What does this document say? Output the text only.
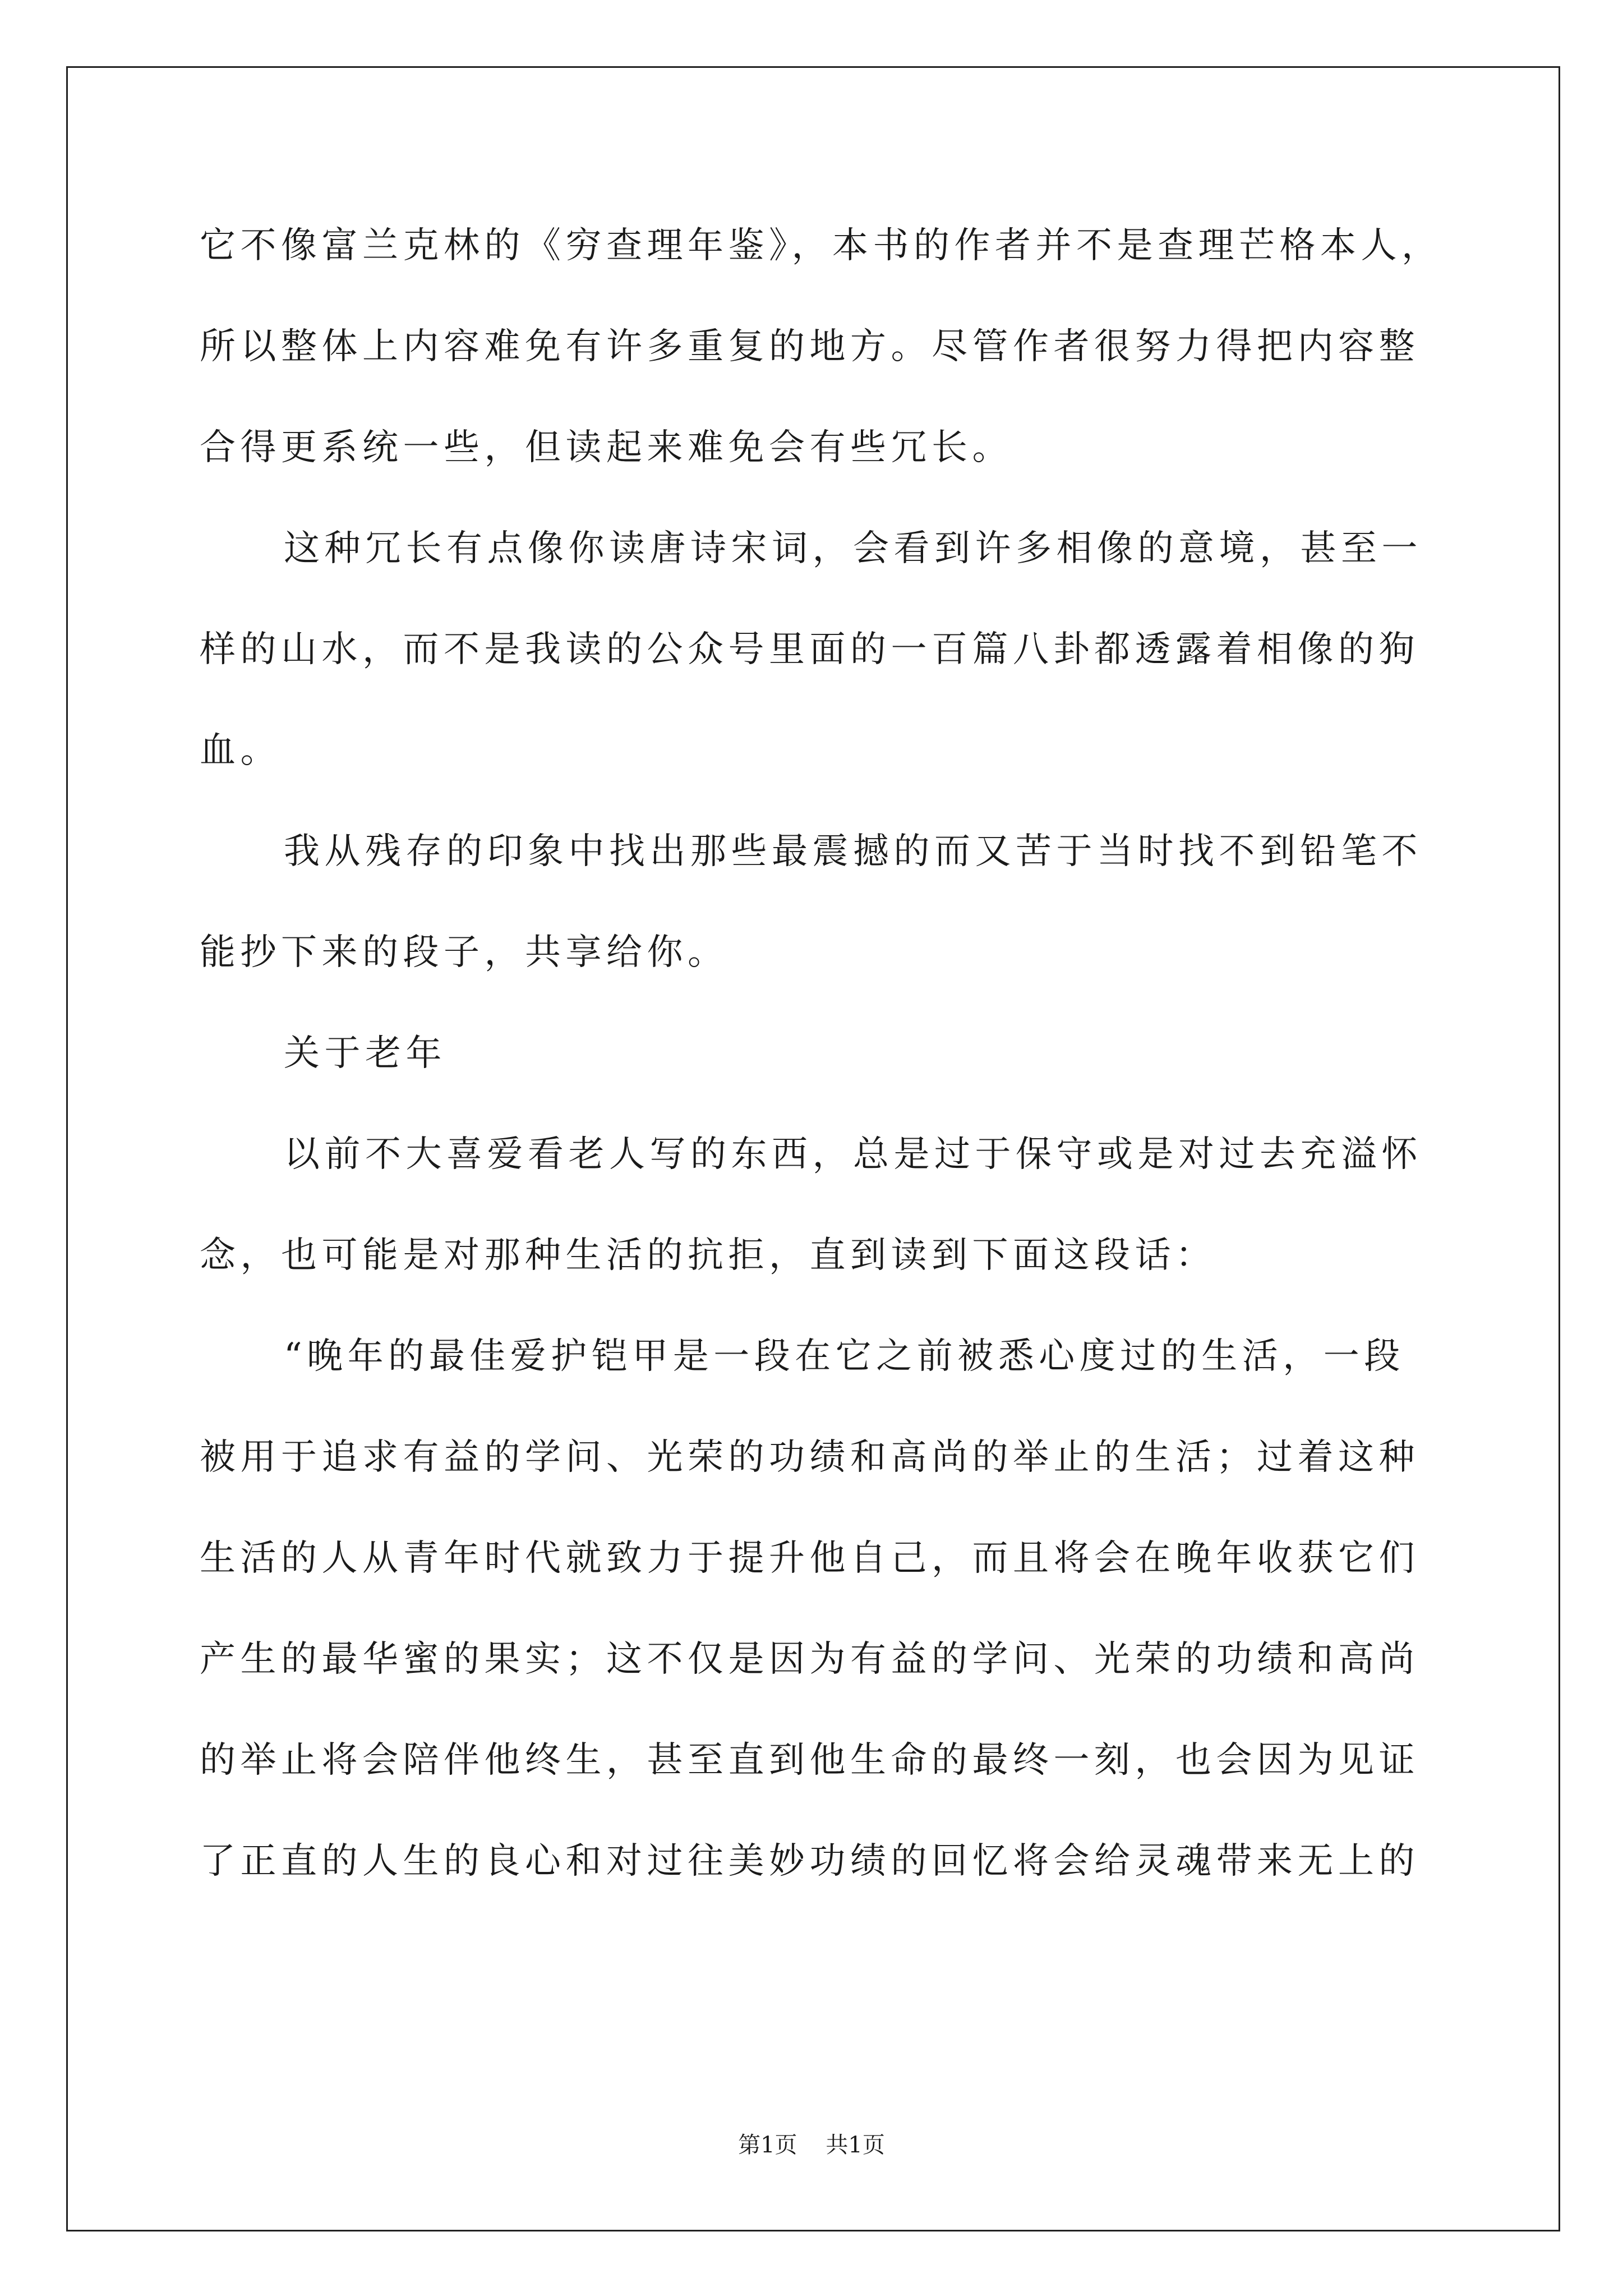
它不像富兰克林的《穷查理年鉴》，本书的作者并不是查理芒格本人，
所以整体上内容难免有许多重复的地方。尽管作者很努力得把内容整
合得更系统一些，但读起来难免会有些冗长。
这种冗长有点像你读唐诗宋词，会看到许多相像的意境，甚至一
样的山水，而不是我读的公众号里面的一百篇八卦都透露着相像的狗
血。
我从残存的印象中找出那些最震撼的而又苦于当时找不到铅笔不
能抄下来的段子，共享给你。
关于老年
以前不大喜爱看老人写的东西，总是过于保守或是对过去充溢怀
念，也可能是对那种生活的抗拒，直到读到下面这段话：
“晚年的最佳爱护铠甲是一段在它之前被悉心度过的生活，一段
被用于追求有益的学问、光荣的功绩和高尚的举止的生活；过着这种
生活的人从青年时代就致力于提升他自己，而且将会在晚年收获它们
产生的最华蜜的果实；这不仅是因为有益的学问、光荣的功绩和高尚
的举止将会陪伴他终生，甚至直到他生命的最终一刻，也会因为见证
了正直的人生的良心和对过往美妙功绩的回忆将会给灵魂带来无上的
第1页 共1页
